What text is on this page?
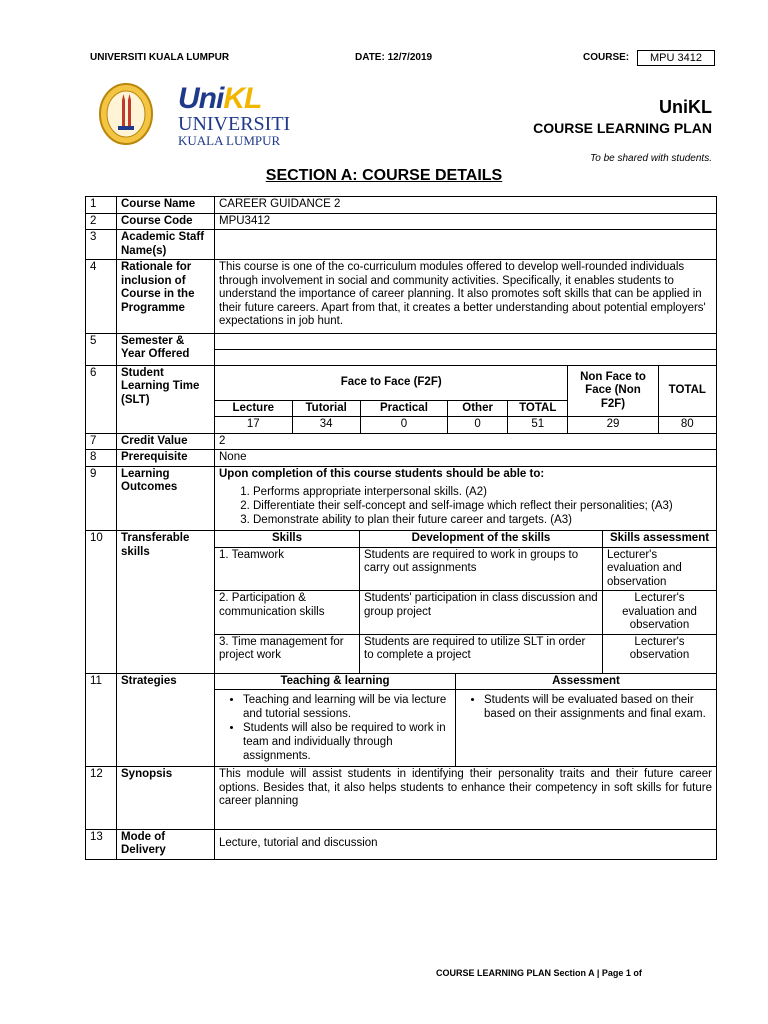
UNIVERSITI KUALA LUMPUR	DATE: 12/7/2019	COURSE:	MPU 3412
UniKL
UNIVERSITI
KUALA LUMPUR
UniKL
COURSE LEARNING PLAN
To be shared with students.
SECTION A: COURSE DETAILS
1	Course Name	CAREER GUIDANCE 2
2	Course Code	MPU3412
3	Academic Staff Name(s)	
4	Rationale for inclusion of Course in the Programme	This course is one of the co-curriculum modules offered to develop well-rounded individuals through involvement in social and community activities. Specifically, it enables students to understand the importance of career planning. It also promotes soft skills that can be applied in their future careers. Apart from that, it creates a better understanding about potential employers' expectations in job hunt.
5	Semester & Year Offered	

6	Student Learning Time (SLT)	
Face to Face (F2F)	Non Face to Face (Non F2F)	TOTAL
Lecture	Tutorial	Practical	Other	TOTAL
17	34	0	0	51	29	80

7	Credit Value	2
8	Prerequisite	None
9	Learning Outcomes	
Upon completion of this course students should be able to:
1. Performs appropriate interpersonal skills. (A2)
2. Differentiate their self-concept and self-image which reflect their personalities; (A3)
3. Demonstrate ability to plan their future career and targets. (A3)

10	Transferable skills	
Skills	Development of the skills	Skills assessment
1. Teamwork	Students are required to work in groups to carry out assignments	Lecturer's evaluation and observation
2. Participation & communication skills	Students' participation in class discussion and group project	Lecturer's evaluation and observation
3. Time management for project work	Students are required to utilize SLT in order to complete a project	Lecturer's observation

11	Strategies		Teaching & learning	Assessment

• Teaching and learning will be via lecture and tutorial sessions.
• Students will also be required to work in team and individually through assignments.

• Students will be evaluated based on their based on their assignments and final exam.

12	Synopsis	This module will assist students in identifying their personality traits and their future career options. Besides that, it also helps students to enhance their competency in soft skills for future career planning
13	Mode of Delivery	Lecture, tutorial and discussion
COURSE LEARNING PLAN Section A | Page 1 of
